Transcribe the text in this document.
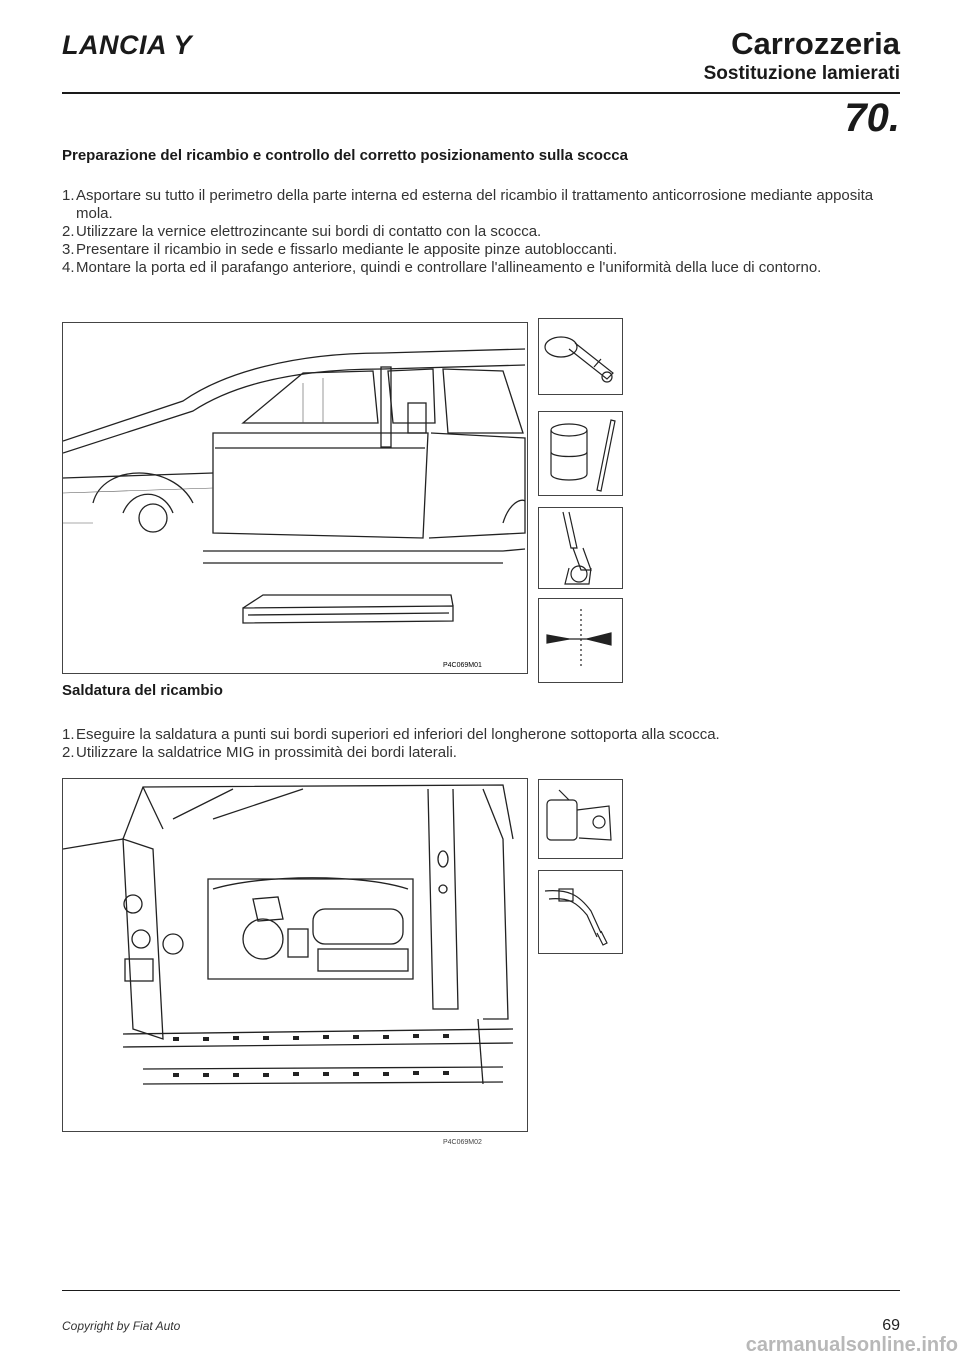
LANCIA Y	Carrozzeria
Sostituzione lamierati
70.
Preparazione del ricambio e controllo del corretto posizionamento sulla scocca
1. Asportare su tutto il perimetro della parte interna ed esterna del ricambio il trattamento anticorrosione mediante apposita mola.
2. Utilizzare la vernice elettrozincante sui bordi di contatto con la scocca.
3. Presentare il ricambio in sede e fissarlo mediante le apposite pinze autobloccanti.
4. Montare la porta ed il parafango anteriore, quindi e controllare l'allineamento e l'uniformità della luce di contorno.
P4C069M01
Saldatura del ricambio
1. Eseguire la saldatura a punti sui bordi superiori ed inferiori del longherone sottoporta alla scocca.
2. Utilizzare la saldatrice MIG in prossimità dei bordi laterali.
P4C069M02
Copyright by Fiat Auto	69
carmanualsonline.info
